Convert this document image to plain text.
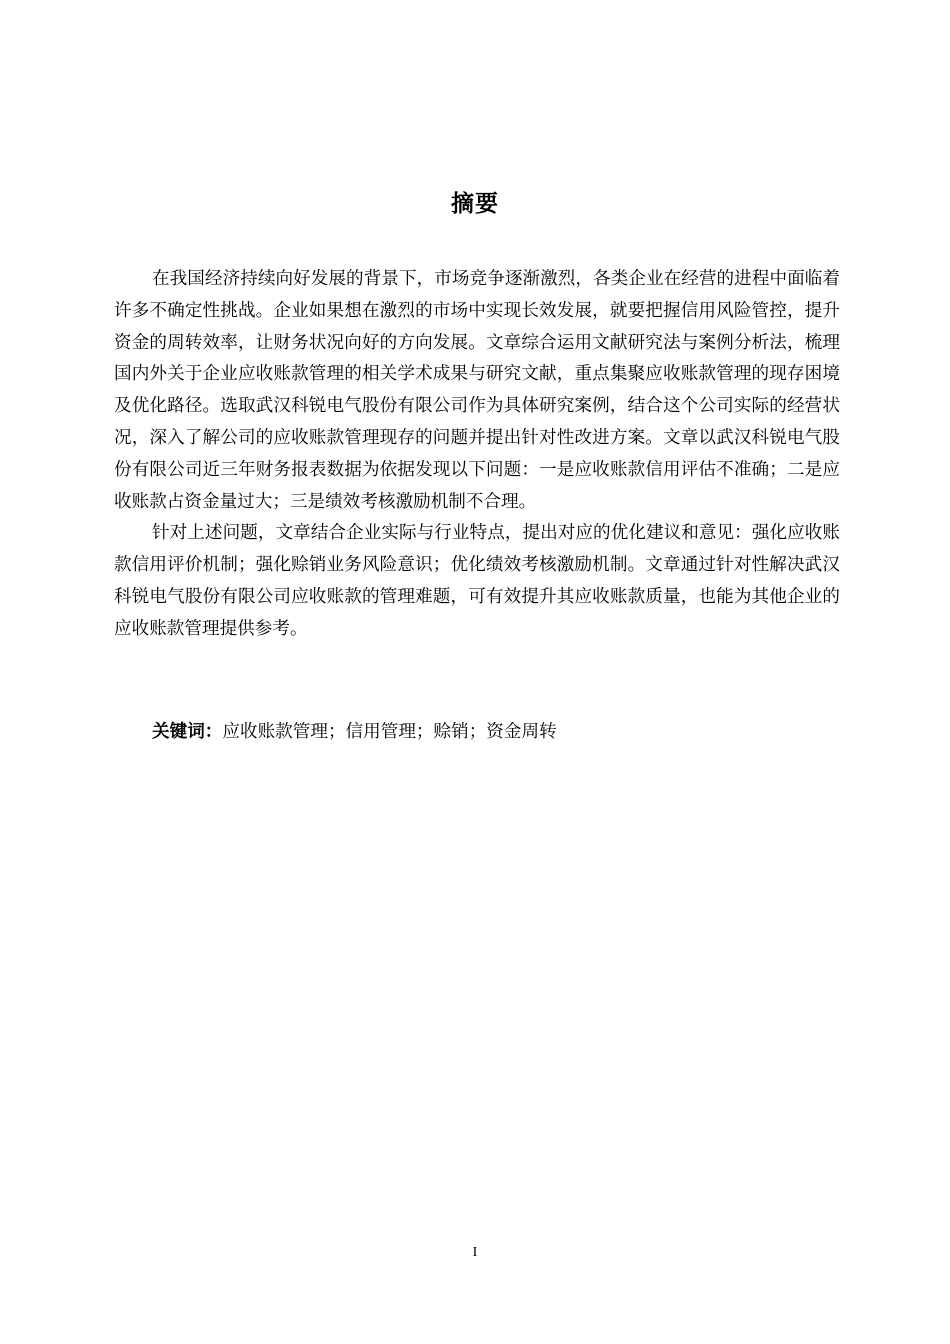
摘要

在我国经济持续向好发展的背景下，市场竞争逐渐激烈，各类企业在经营的进程中面临着许多不确定性挑战。企业如果想在激烈的市场中实现长效发展，就要把握信用风险管控，提升资金的周转效率，让财务状况向好的方向发展。文章综合运用文献研究法与案例分析法，梳理国内外关于企业应收账款管理的相关学术成果与研究文献，重点集聚应收账款管理的现存困境及优化路径。选取武汉科锐电气股份有限公司作为具体研究案例，结合这个公司实际的经营状况，深入了解公司的应收账款管理现存的问题并提出针对性改进方案。文章以武汉科锐电气股份有限公司近三年财务报表数据为依据发现以下问题：一是应收账款信用评估不准确；二是应收账款占资金量过大；三是绩效考核激励机制不合理。

针对上述问题，文章结合企业实际与行业特点，提出对应的优化建议和意见：强化应收账款信用评价机制；强化赊销业务风险意识；优化绩效考核激励机制。文章通过针对性解决武汉科锐电气股份有限公司应收账款的管理难题，可有效提升其应收账款质量，也能为其他企业的应收账款管理提供参考。

关键词：应收账款管理；信用管理；赊销；资金周转
I
